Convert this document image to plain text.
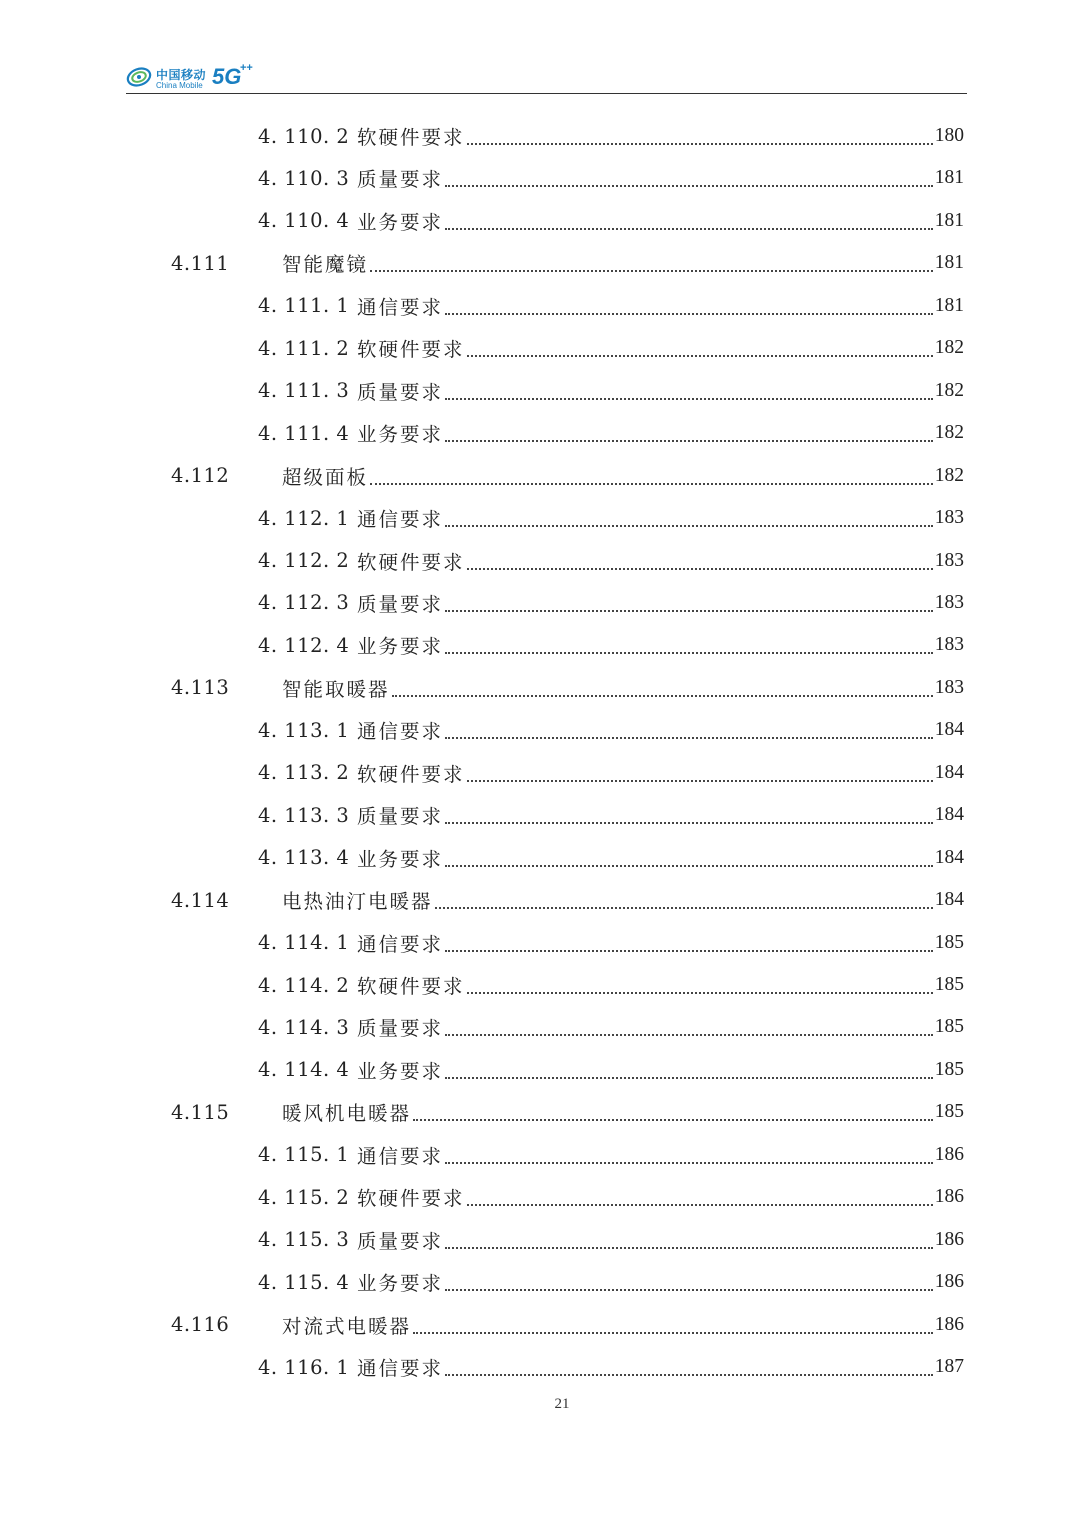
中国移动
China Mobile 5G
++
4. 110. 2 软硬件要求	180
4. 110. 3 质量要求	181
4. 110. 4 业务要求	181
4.111	智能魔镜	181
4. 111. 1 通信要求	181
4. 111. 2 软硬件要求	182
4. 111. 3 质量要求	182
4. 111. 4 业务要求	182
4.112	超级面板	182
4. 112. 1 通信要求	183
4. 112. 2 软硬件要求	183
4. 112. 3 质量要求	183
4. 112. 4 业务要求	183
4.113	智能取暖器	183
4. 113. 1 通信要求	184
4. 113. 2 软硬件要求	184
4. 113. 3 质量要求	184
4. 113. 4 业务要求	184
4.114	电热油汀电暖器	184
4. 114. 1 通信要求	185
4. 114. 2 软硬件要求	185
4. 114. 3 质量要求	185
4. 114. 4 业务要求	185
4.115	暖风机电暖器	185
4. 115. 1 通信要求	186
4. 115. 2 软硬件要求	186
4. 115. 3 质量要求	186
4. 115. 4 业务要求	186
4.116	对流式电暖器	186
4. 116. 1 通信要求	187
21
